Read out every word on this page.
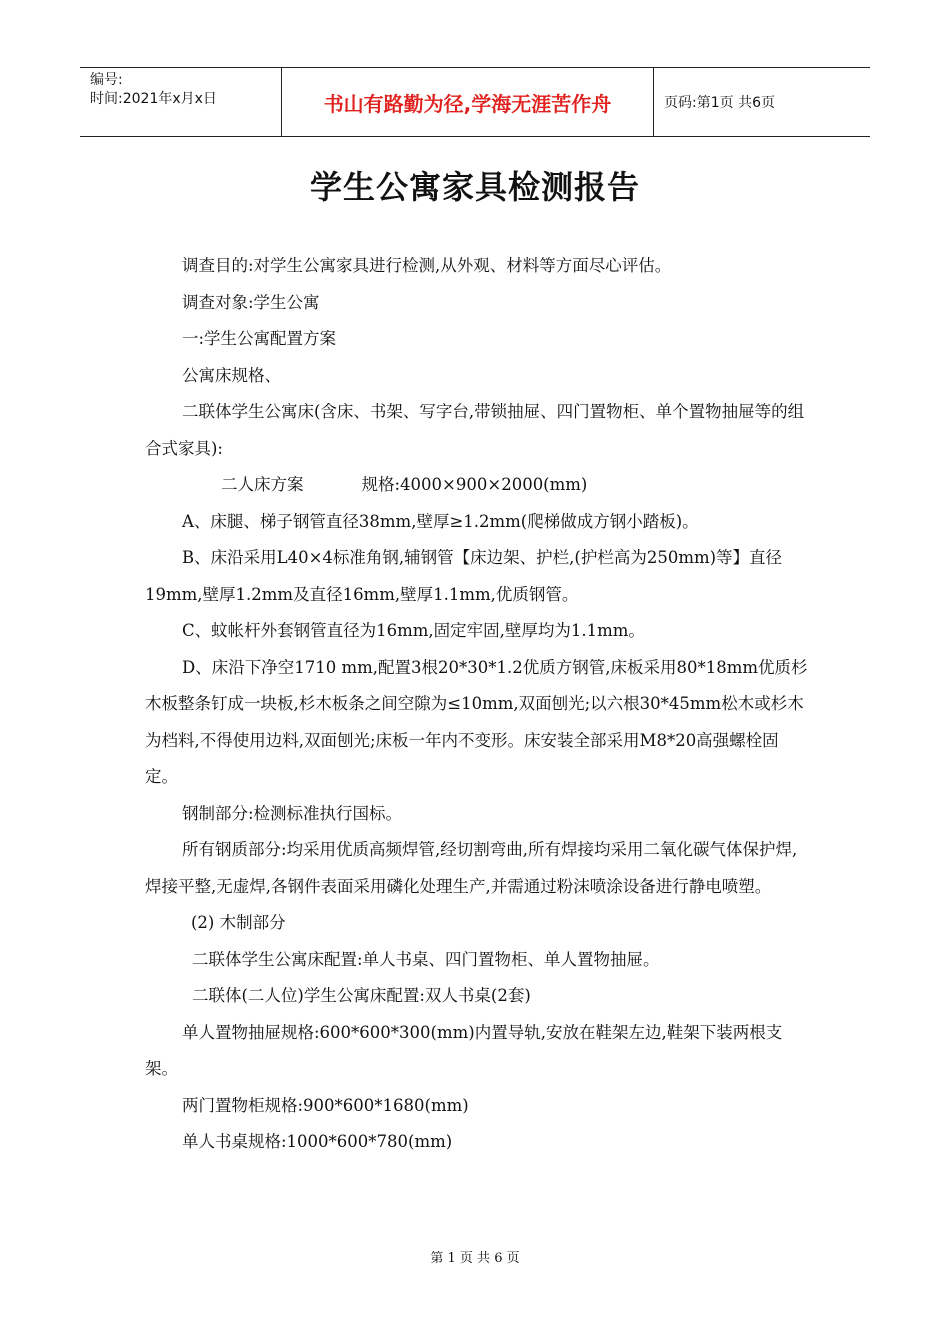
编号:
时间:2021年x月x日	书山有路勤为径,学海无涯苦作舟	页码:第1页 共6页
学生公寓家具检测报告

调查目的:对学生公寓家具进行检测,从外观、材料等方面尽心评估。

调查对象:学生公寓

一:学生公寓配置方案

公寓床规格、

二联体学生公寓床(含床、书架、写字台,带锁抽屉、四门置物柜、单个置物抽屉等的组合式家具):

二人床方案	规格:4000×900×2000(mm)

A、床腿、梯子钢管直径38mm,壁厚≥1.2mm(爬梯做成方钢小踏板)。

B、床沿采用L40×4标准角钢,辅钢管【床边架、护栏,(护栏高为250mm)等】直径19mm,壁厚1.2mm及直径16mm,壁厚1.1mm,优质钢管。

C、蚊帐杆外套钢管直径为16mm,固定牢固,壁厚均为1.1mm。

D、床沿下净空1710 mm,配置3根20*30*1.2优质方钢管,床板采用80*18mm优质杉木板整条钉成一块板,杉木板条之间空隙为≤10mm,双面刨光;以六根30*45mm松木或杉木为档料,不得使用边料,双面刨光;床板一年内不变形。床安装全部采用M8*20高强螺栓固定。

钢制部分:检测标准执行国标。

所有钢质部分:均采用优质高频焊管,经切割弯曲,所有焊接均采用二氧化碳气体保护焊,焊接平整,无虚焊,各钢件表面采用磷化处理生产,并需通过粉沫喷涂设备进行静电喷塑。

(2) 木制部分

二联体学生公寓床配置:单人书桌、四门置物柜、单人置物抽屉。

二联体(二人位)学生公寓床配置:双人书桌(2套)

单人置物抽屉规格:600*600*300(mm)内置导轨,安放在鞋架左边,鞋架下装两根支架。

两门置物柜规格:900*600*1680(mm)

单人书桌规格:1000*600*780(mm)

第 1 页 共 6 页
